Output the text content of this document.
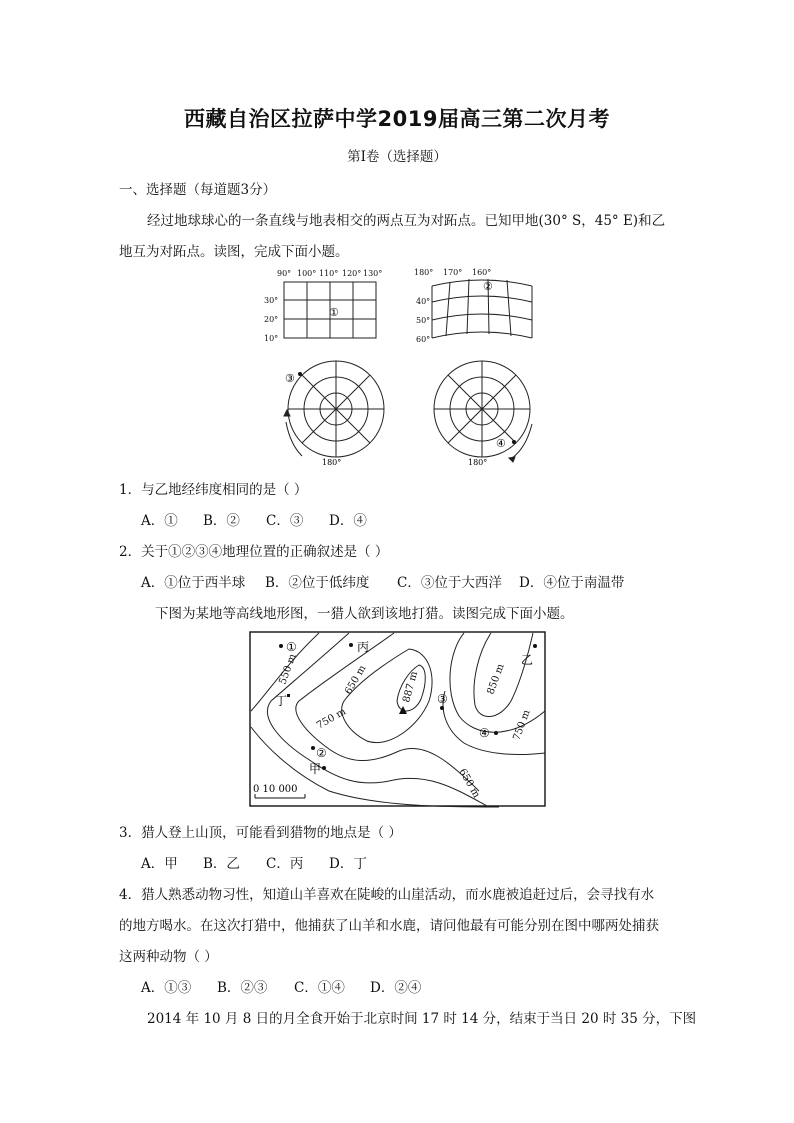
西藏自治区拉萨中学2019届高三第二次月考
第Ⅰ卷（选择题）
一、选择题（每道题3分）
经过地球球心的一条直线与地表相交的两点互为对跖点。已知甲地(30° S，45° E)和乙
地互为对跖点。读图，完成下面小题。
90° 100° 110° 120° 130°
30°
20°
10°
①
180° 170° 160°
40°
50°
60°
②
③
180°
④
180°
1．与乙地经纬度相同的是（ ）
A．① B．② C．③ D．④
2．关于①②③④地理位置的正确叙述是（ ）
A．①位于西半球 B．②位于低纬度 C．③位于大西洋 D．④位于南温带
下图为某地等高线地形图，一猎人欲到该地打猎。读图完成下面小题。
550 m	650 m
750 m
887 m	850 m
750 m
650 m
①	丙
乙
丁	③
④
②
甲
0 10 000
3．猎人登上山顶，可能看到猎物的地点是（ ）
A．甲 B．乙 C．丙 D．丁
4．猎人熟悉动物习性，知道山羊喜欢在陡峻的山崖活动，而水鹿被追赶过后，会寻找有水
的地方喝水。在这次打猎中，他捕获了山羊和水鹿，请问他最有可能分别在图中哪两处捕获
这两种动物（ ）
A．①③ B．②③ C．①④ D．②④
2014 年 10 月 8 日的月全食开始于北京时间 17 时 14 分，结束于当日 20 时 35 分，下图
